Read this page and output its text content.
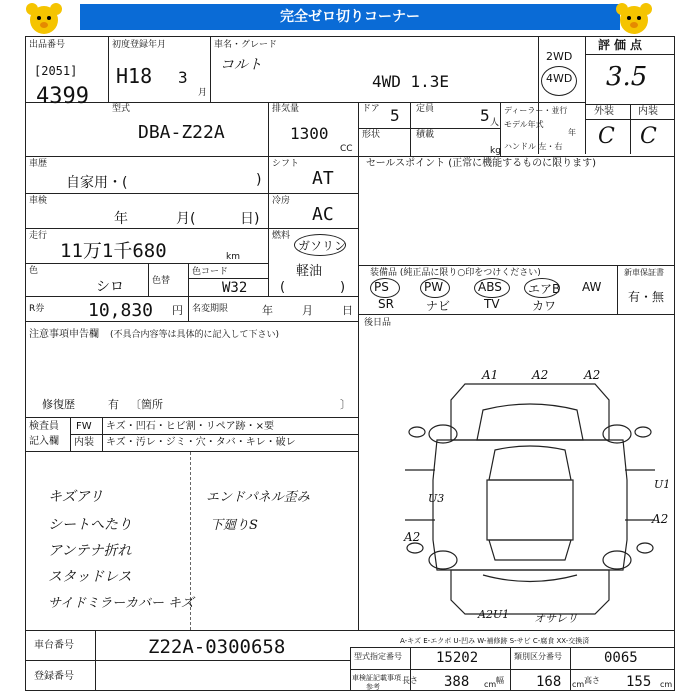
完全ゼロ切りコーナー
出品番号
[2051]
4399
初度登録年月
H18 3
月
車名・グレード
コルト
4WD 1.3E
2WD
4WD
評価点
3.5
外装 内装
C C
型式
DBA-Z22A
排気量
1300
CC
ドア 5 定員	5 人
形状	積載
kg
ディーラー・並行
モデル年式
年
ハンドル 左・右
車歴
自家用・(	)
シフト
AT
車検
年	月(	日)
冷房
AC
走行
11万1千680	km
燃料
ガソリン
軽油
(	)
色
シロ	色替
色コード
W32
R券 10,830 円 名変期限	年	月	日
セールスポイント (正常に機能するものに限ります)
装備品 (純正品に限り○印をつけください)	新車保証書
有・無
PS	PW	ABS エアB AW
SR	ナビ	TV	カワ
後日品
注意事項申告欄 (不具合内容等は具体的に記入して下さい)
修復歴	有 〔箇所	〕
検査員
記入欄
FW キズ・凹石・ヒビ割・リペア跡・×要
内装 キズ・汚レ・ジミ・穴・タバ・キレ・破レ
キズアリ
シートへたり
アンテナ折れ
スタッドレス
サイドミラーカバー キズ
エンドパネル歪み
下廻りS
A1	A2	A2
U3
A2
U1
A2
A2U1 オサレリ
A-キズ E-エクボ U-凹み W-補修跡 S-サビ C-腐食 XX-交換済
車台番号	Z22A-0300658
登録番号
型式指定番号 15202	類別区分番号	0065
車検証記載事項
参考
長さ 388 cm 幅 168 cm 高さ 155 cm
